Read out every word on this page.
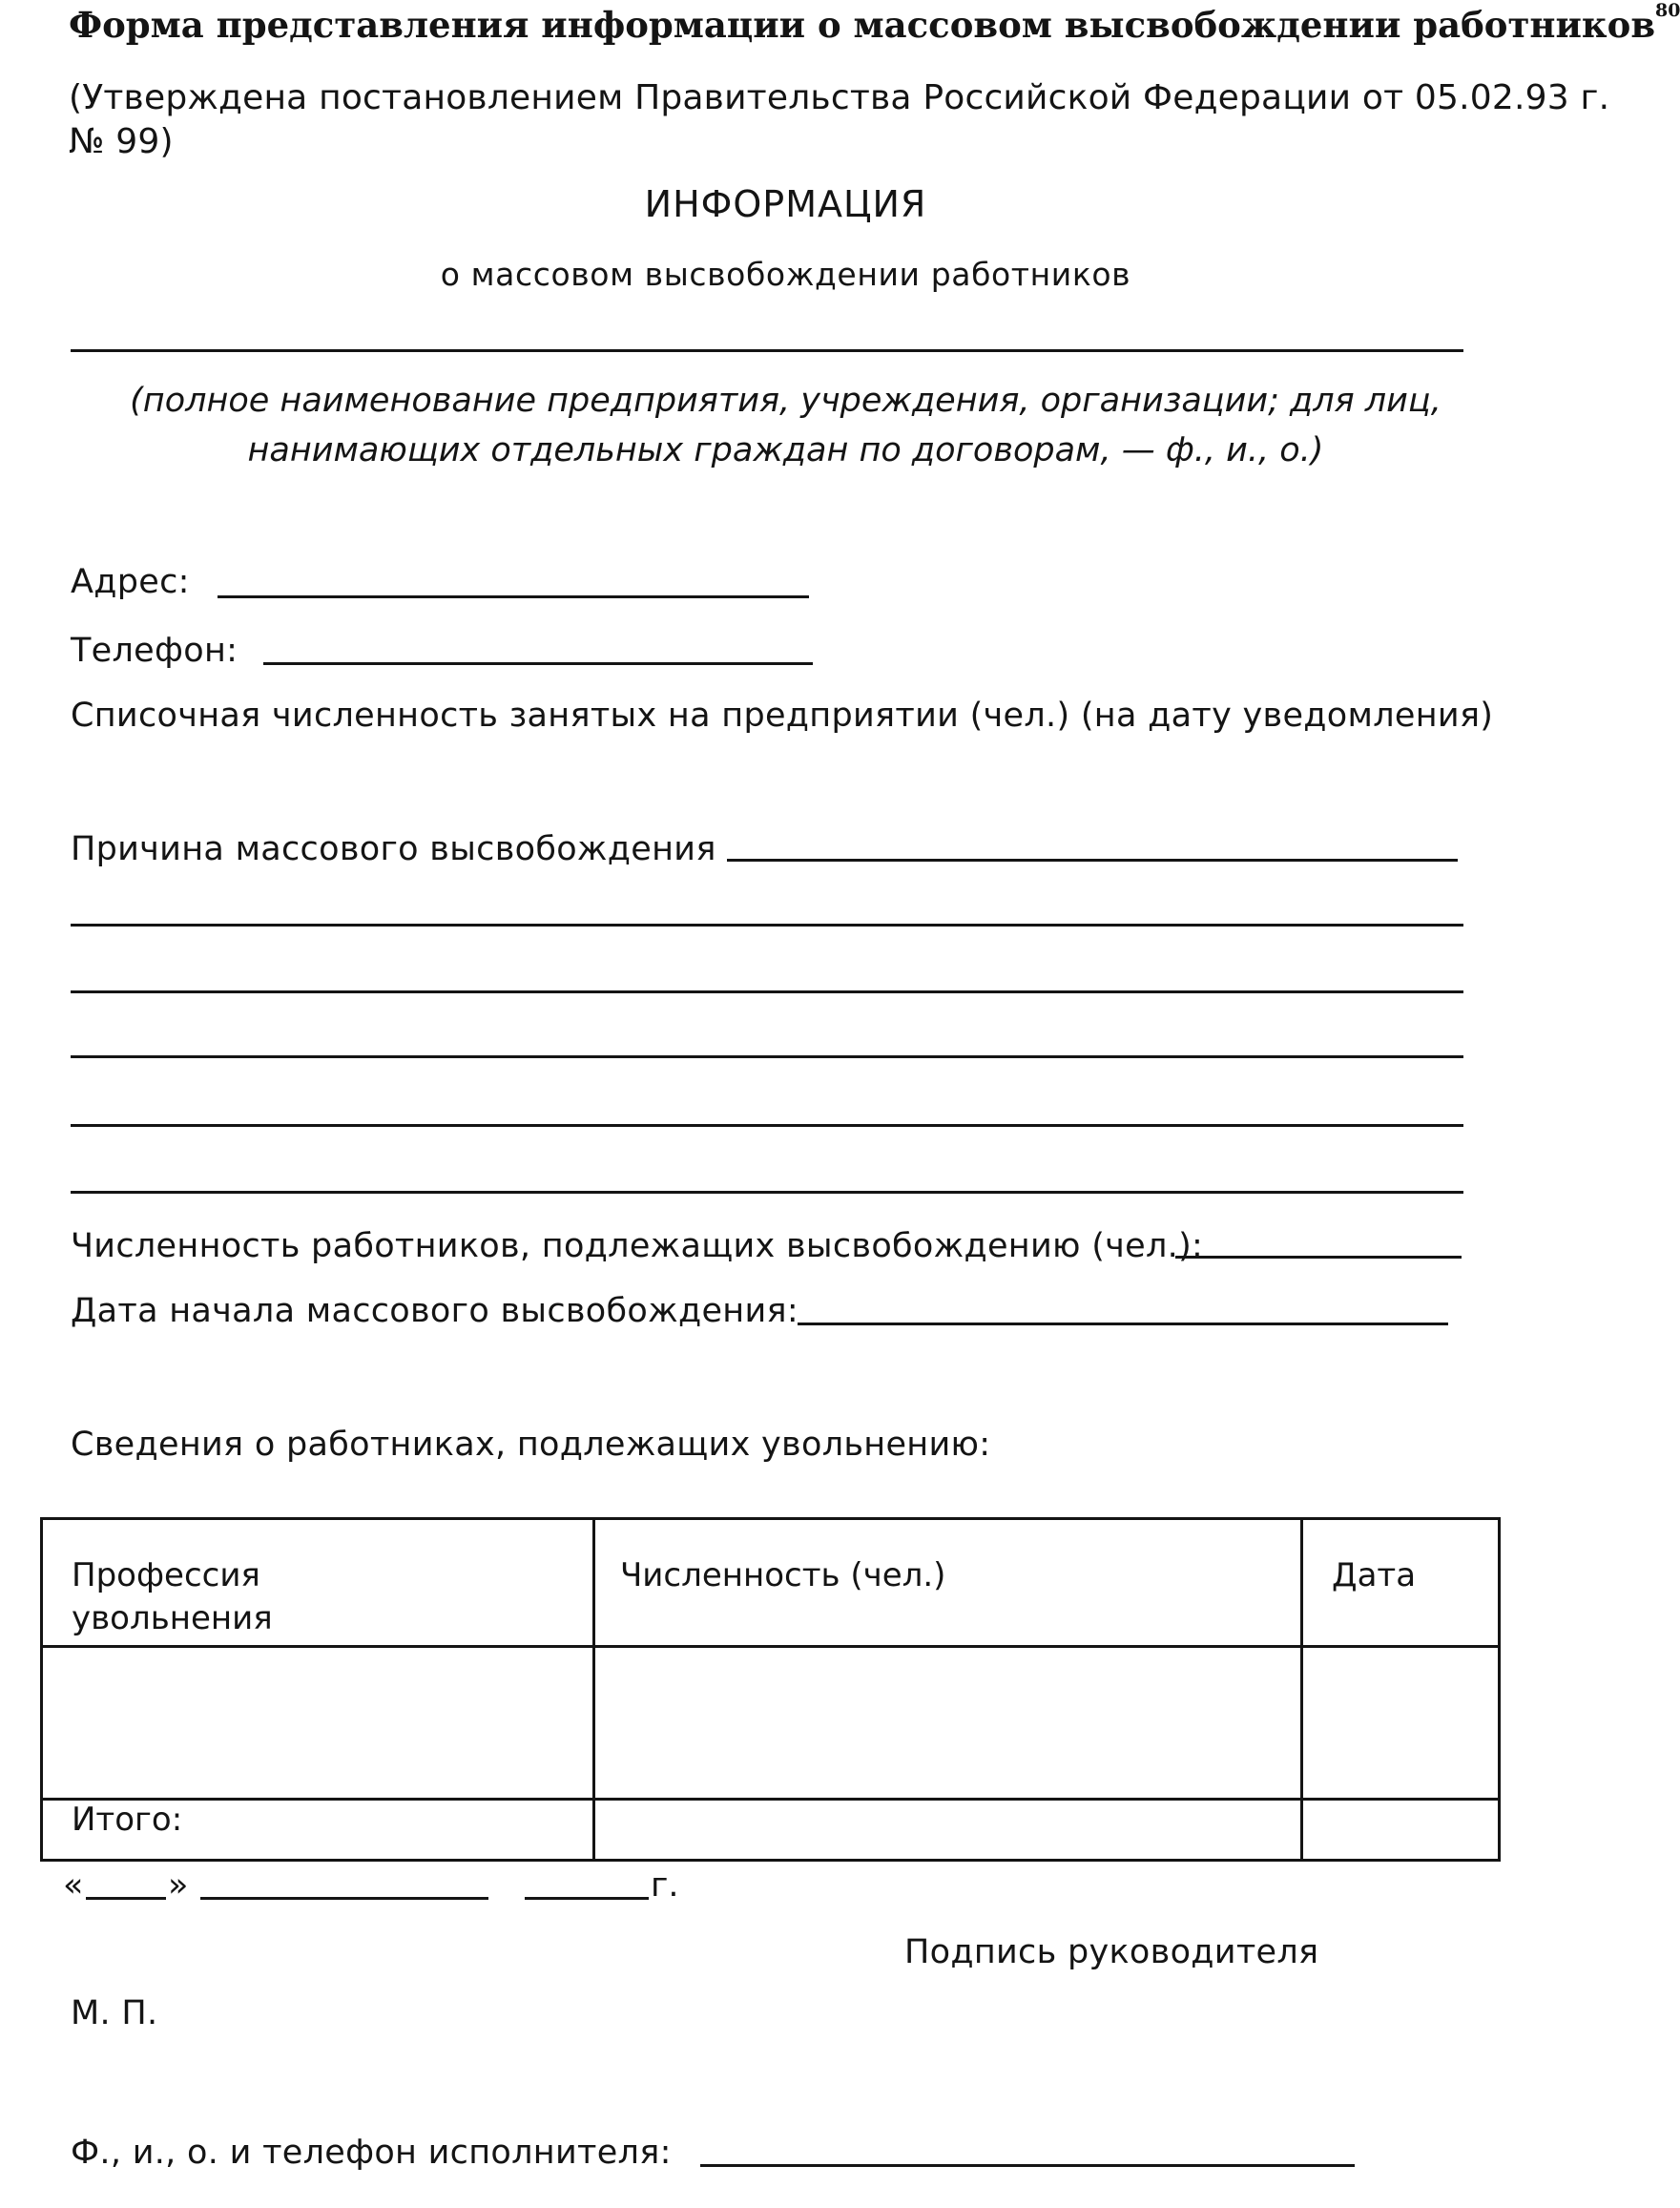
Форма представления информации о массовом высвобождении работников$^{80}$
(Утверждена постановлением Правительства Российской Федерации от 05.02.93 г.
№ 99)
ИНФОРМАЦИЯ
о массовом высвобождении работников
(полное наименование предприятия, учреждения, организации; для лиц,
нанимающих отдельных граждан по договорам, — ф., и., о.)
Адрес:
Телефон:
Списочная численность занятых на предприятии (чел.) (на дату уведомления)
Причина массового высвобождения
Численность работников, подлежащих высвобождению (чел.):
Дата начала массового высвобождения:
Сведения о работниках, подлежащих увольнению:
Профессия
увольнения	Численность (чел.)	Дата

Итого:		
«	»	г.
Подпись руководителя
М. П.
Ф., и., о. и телефон исполнителя:
